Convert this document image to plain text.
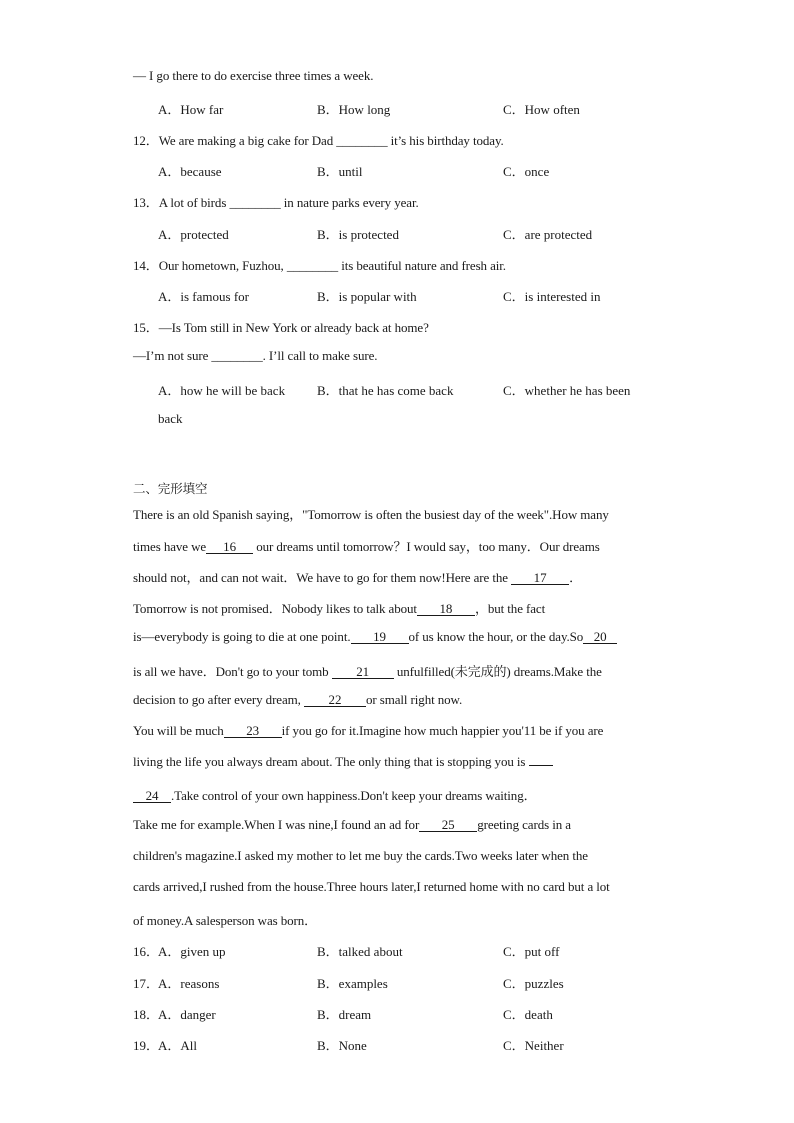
— I go there to do exercise three times a week.
A．How far	B．How long	C．How often
12．We are making a big cake for Dad ________ it’s his birthday today.
A．because	B．until	C．once
13．A lot of birds ________ in nature parks every year.
A．protected	B．is protected	C．are protected
14．Our hometown, Fuzhou, ________ its beautiful nature and fresh air.
A．is famous for	B．is popular with	C．is interested in
15．—Is Tom still in New York or already back at home?
—I’m not sure ________. I’ll call to make sure.
A．how he will be back B．that he has come back	C．whether he has been
back
二、完形填空
There is an old Spanish saying，"Tomorrow is often the busiest day of the week".How many
times have we 16 our dreams until tomorrow？I would say，too many．Our dreams
should not，and can not wait．We have to go for them now!Here are the 17 ．
Tomorrow is not promised．Nobody likes to talk about 18 ，but the fact
is—everybody is going to die at one point. 19 of us know the hour, or the day.So 20
is all we have．Don't go to your tomb 21 unfulfilled(未完成的) dreams.Make the
decision to go after every dream, 22 or small right now.
You will be much 23 if you go for it.Imagine how much happier you'11 be if you are
living the life you always dream about. The only thing that is stopping you is
24 .Take control of your own happiness.Don't keep your dreams waiting．
Take me for example.When I was nine,I found an ad for 25 greeting cards in a
children's magazine.I asked my mother to let me buy the cards.Two weeks later when the
cards arrived,I rushed from the house.Three hours later,I returned home with no card but a lot
of money.A salesperson was born．
16．
A．given up	B．talked about	C．put off
17．
A．reasons	B．examples	C．puzzles
18．
A．danger	B．dream	C．death
19．
A．All	B．None	C．Neither
